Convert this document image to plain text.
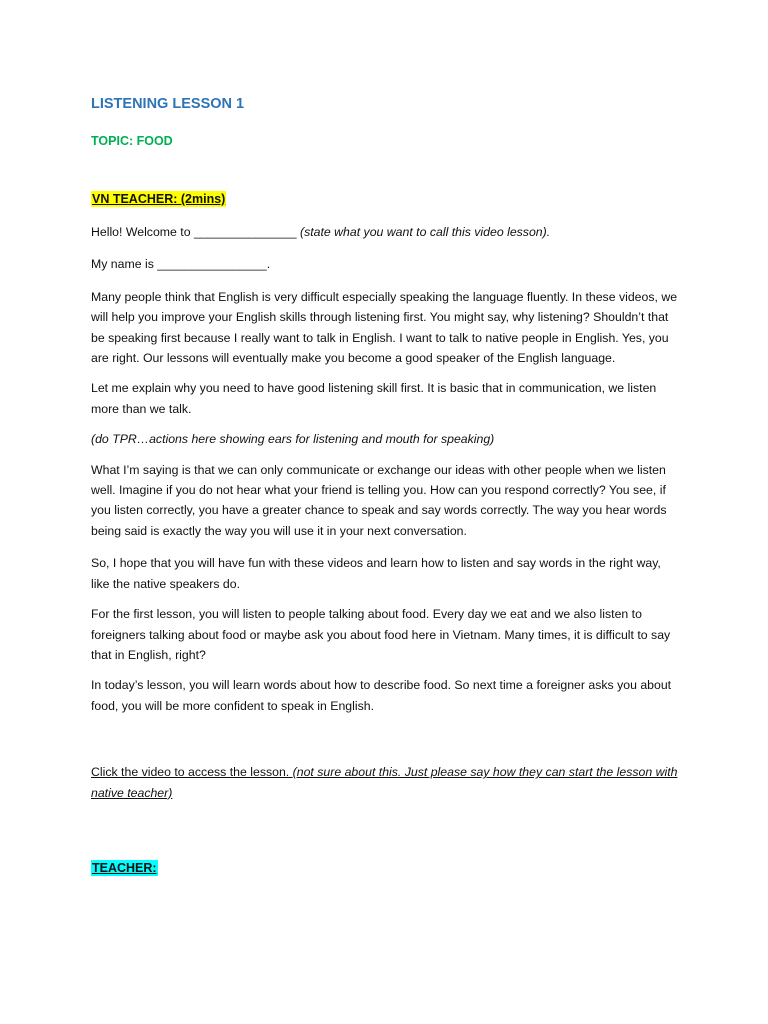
LISTENING LESSON 1
TOPIC: FOOD
VN TEACHER: (2mins)

Hello! Welcome to _______________ (state what you want to call this video lesson).

My name is ________________.

Many people think that English is very difficult especially speaking the language fluently. In these videos, we will help you improve your English skills through listening first. You might say, why listening? Shouldn’t that be speaking first because I really want to talk in English. I want to talk to native people in English. Yes, you are right. Our lessons will eventually make you become a good speaker of the English language.

Let me explain why you need to have good listening skill first. It is basic that in communication, we listen more than we talk.

(do TPR…actions here showing ears for listening and mouth for speaking)

What I’m saying is that we can only communicate or exchange our ideas with other people when we listen well. Imagine if you do not hear what your friend is telling you. How can you respond correctly? You see, if you listen correctly, you have a greater chance to speak and say words correctly. The way you hear words being said is exactly the way you will use it in your next conversation.

So, I hope that you will have fun with these videos and learn how to listen and say words in the right way, like the native speakers do.

For the first lesson, you will listen to people talking about food. Every day we eat and we also listen to foreigners talking about food or maybe ask you about food here in Vietnam. Many times, it is difficult to say that in English, right?

In today’s lesson, you will learn words about how to describe food. So next time a foreigner asks you about food, you will be more confident to speak in English.

Click the video to access the lesson. (not sure about this. Just please say how they can start the lesson with native teacher)

TEACHER:
